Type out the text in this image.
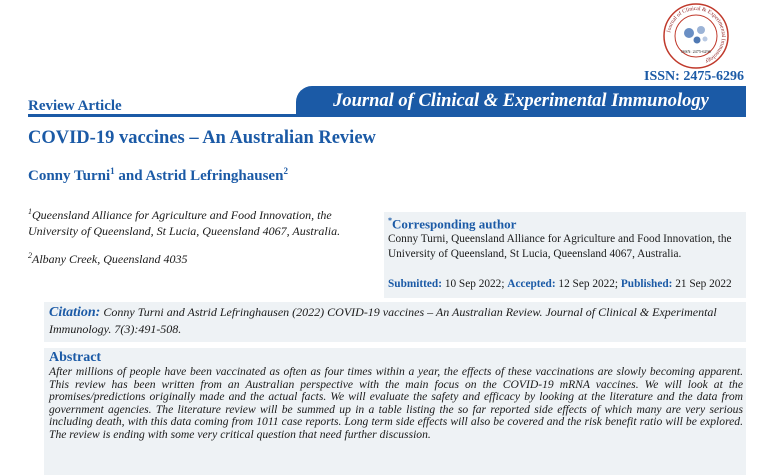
Journal of Clinical & Experimental Immunology
ISSN: 2475-6296
ISSN: 2475-6296
Journal of Clinical & Experimental Immunology
Review Article
COVID-19 vaccines – An Australian Review
Conny Turni$^1$ and Astrid Lefringhausen$^2$
$^1$Queensland Alliance for Agriculture and Food Innovation, the University of Queensland, St Lucia, Queensland 4067, Australia.
$^2$Albany Creek, Queensland 4035
*Corresponding author
Conny Turni, Queensland Alliance for Agriculture and Food Innovation, the University of Queensland, St Lucia, Queensland 4067, Australia.
Submitted: 10 Sep 2022; Accepted: 12 Sep 2022; Published: 21 Sep 2022
Citation: Conny Turni and Astrid Lefringhausen (2022) COVID-19 vaccines – An Australian Review. Journal of Clinical & Experimental Immunology. 7(3):491-508.
Abstract
After millions of people have been vaccinated as often as four times within a year, the effects of these vaccinations are slowly becoming apparent. This review has been written from an Australian perspective with the main focus on the COVID-19 mRNA vaccines. We will look at the promises/predictions originally made and the actual facts. We will evaluate the safety and efficacy by looking at the literature and the data from government agencies. The literature review will be summed up in a table listing the so far reported side effects of which many are very serious including death, with this data coming from 1011 case reports. Long term side effects will also be covered and the risk benefit ratio will be explored. The review is ending with some very critical question that need further discussion.
